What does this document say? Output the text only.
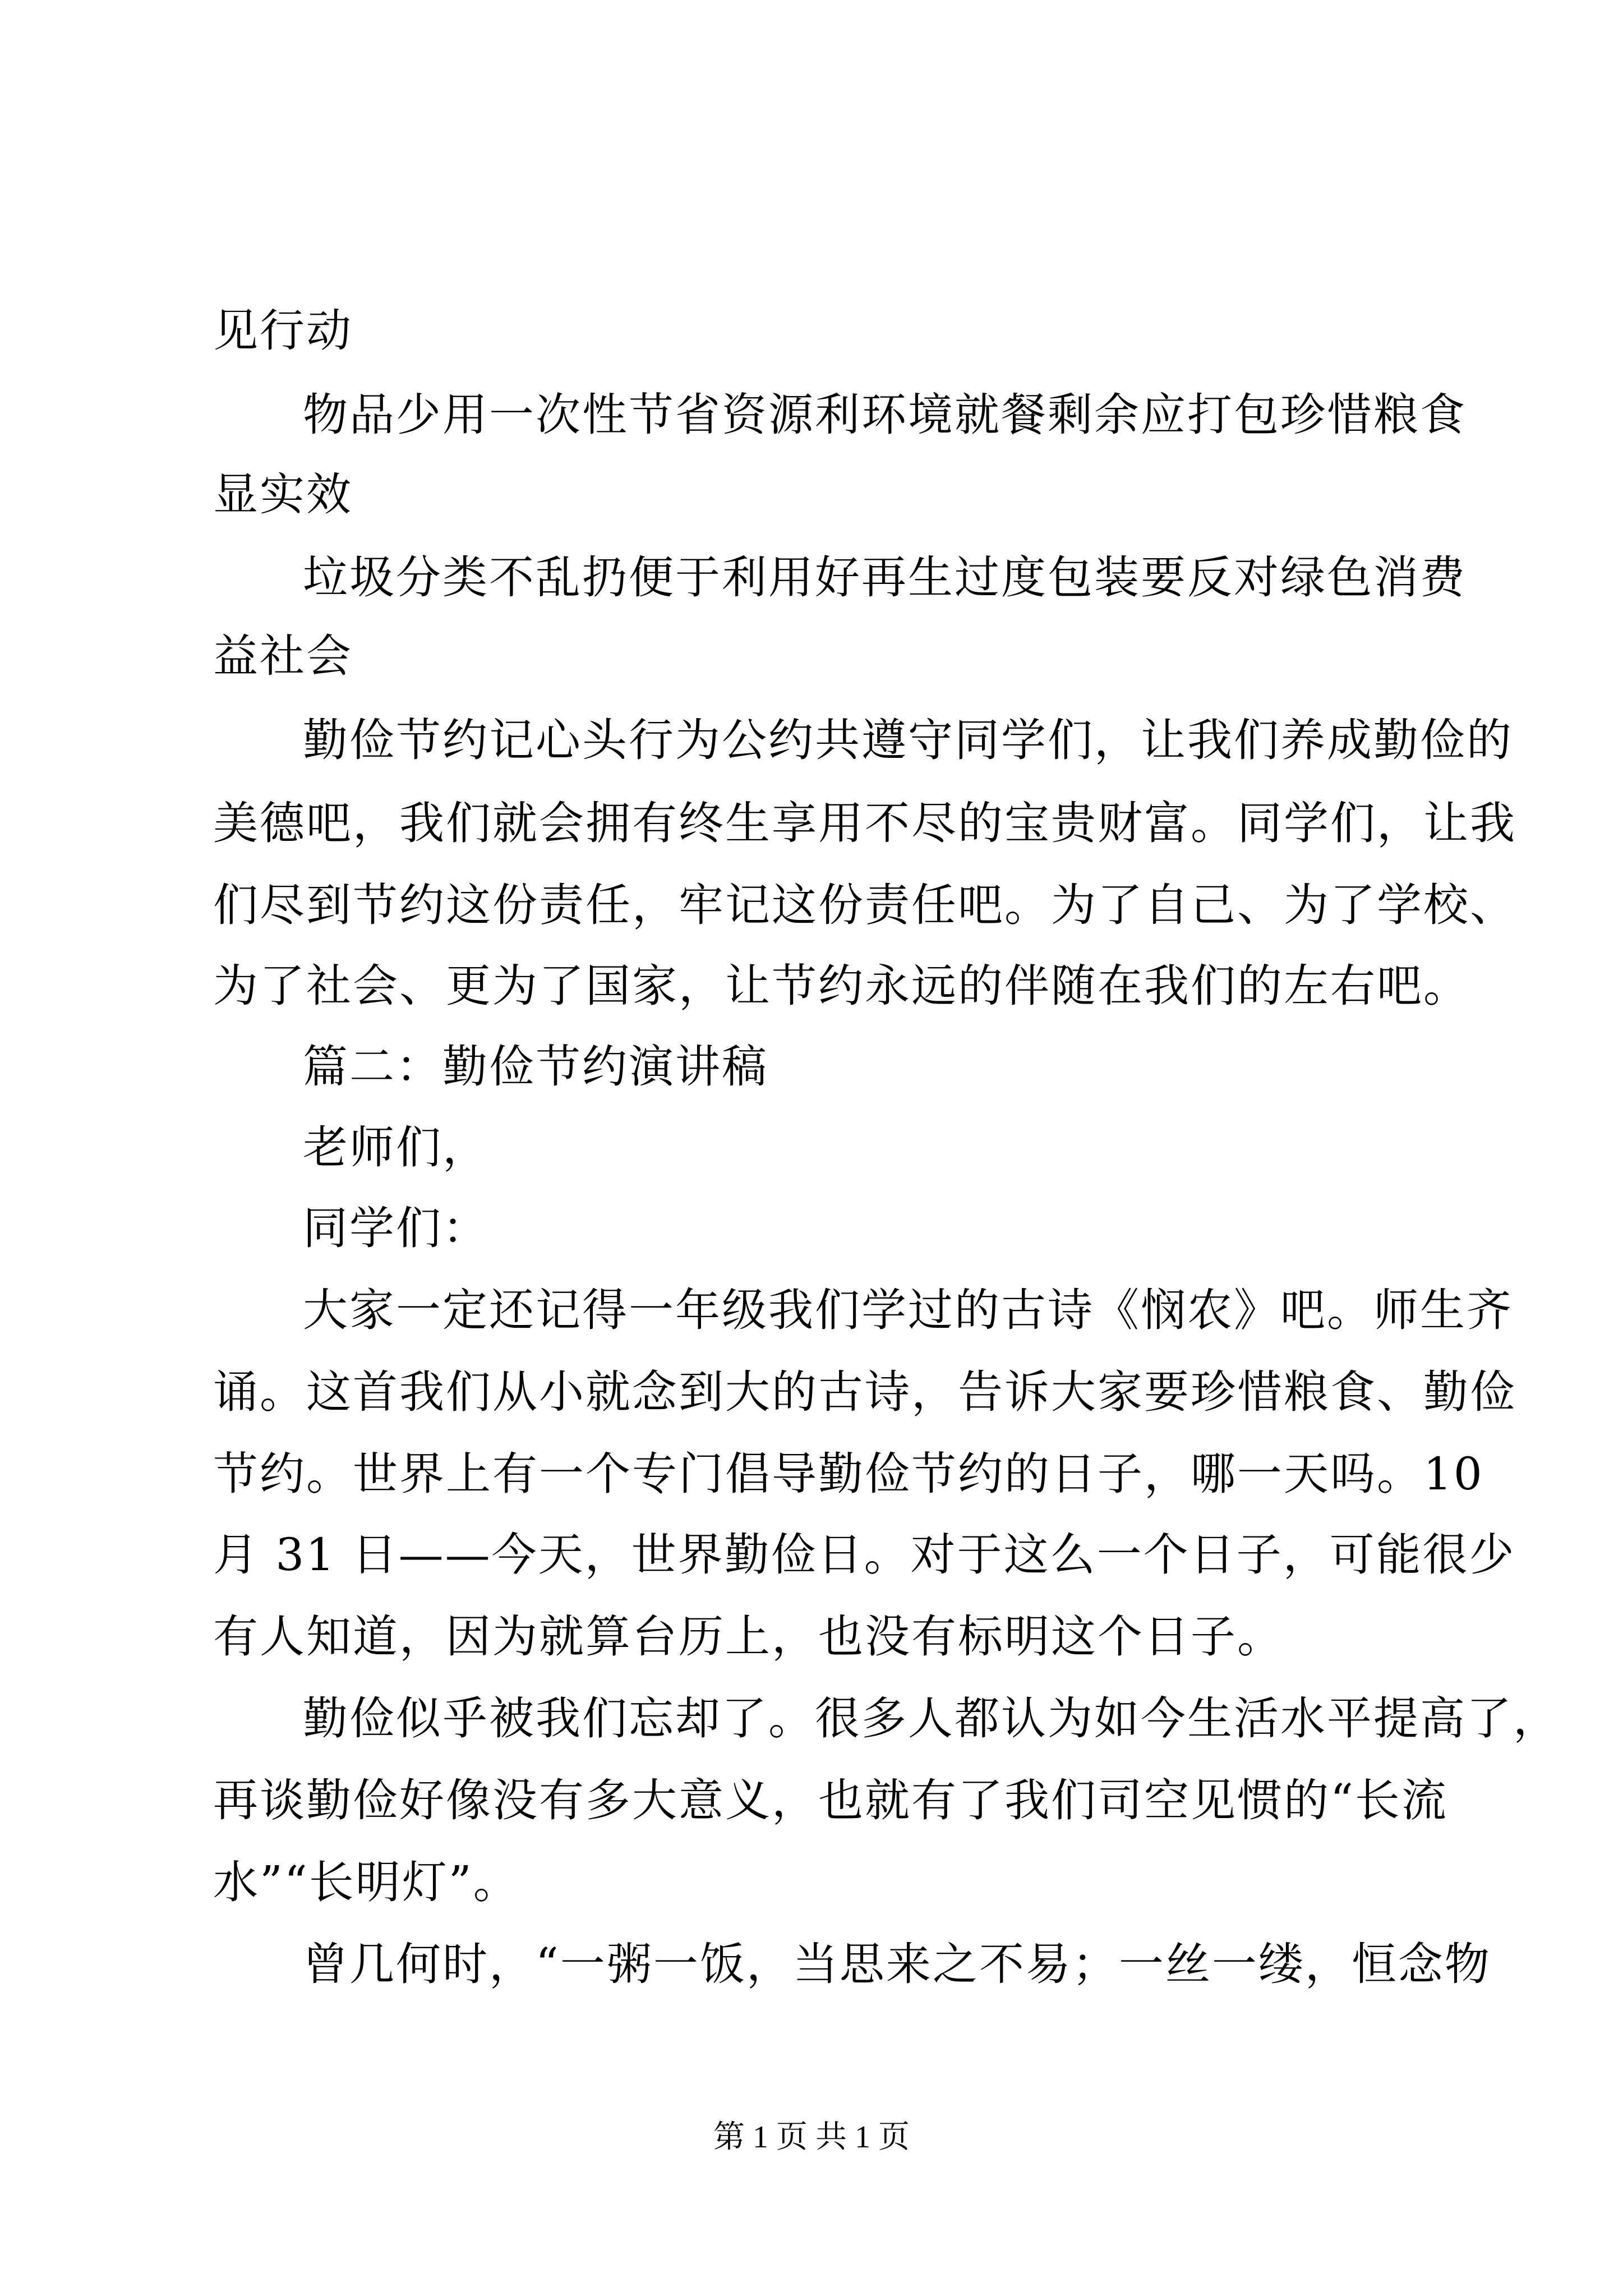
见行动
物品少用一次性节省资源利环境就餐剩余应打包珍惜粮食
显实效
垃圾分类不乱扔便于利用好再生过度包装要反对绿色消费
益社会
勤俭节约记心头行为公约共遵守同学们，让我们养成勤俭的
美德吧，我们就会拥有终生享用不尽的宝贵财富。同学们，让我
们尽到节约这份责任，牢记这份责任吧。为了自己、为了学校、
为了社会、更为了国家，让节约永远的伴随在我们的左右吧。
篇二：勤俭节约演讲稿
老师们，
同学们：
大家一定还记得一年级我们学过的古诗《悯农》吧。师生齐
诵。这首我们从小就念到大的古诗，告诉大家要珍惜粮食、勤俭
节约。世界上有一个专门倡导勤俭节约的日子，哪一天吗。10
月 31 日——今天，世界勤俭日。对于这么一个日子，可能很少
有人知道，因为就算台历上，也没有标明这个日子。
勤俭似乎被我们忘却了。很多人都认为如今生活水平提高了，
再谈勤俭好像没有多大意义，也就有了我们司空见惯的“长流
水”“长明灯”。
曾几何时，“一粥一饭，当思来之不易；一丝一缕，恒念物
第 1 页 共 1 页
